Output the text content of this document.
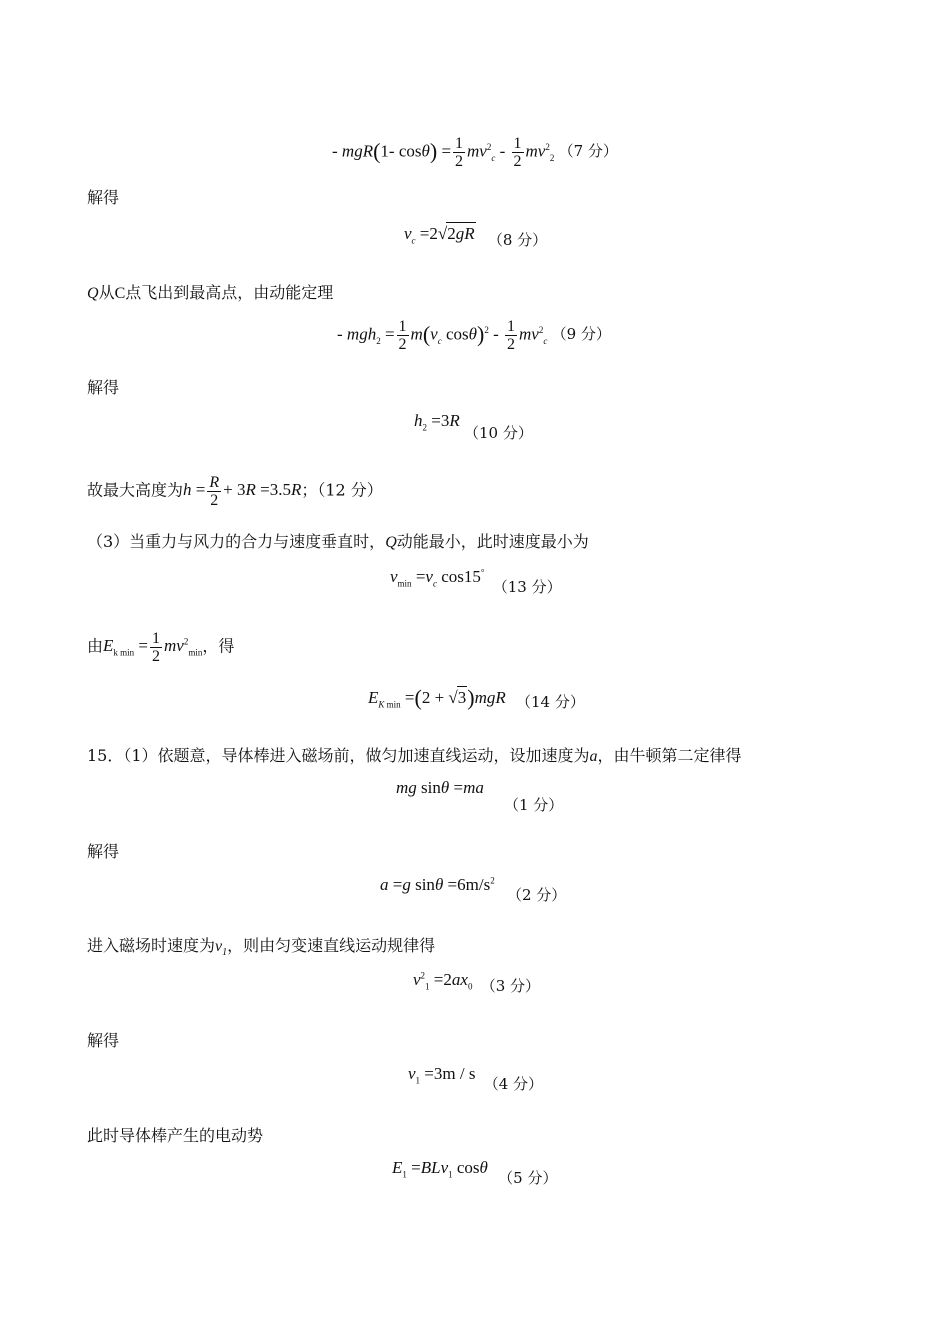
- mgR(1- $\cos\theta) = \frac{1}{2} mv^2_c - \frac{1}{2} mv^2_2$ （7 分）
解得
$v_c =2√2gR$ （8 分）
Q从C点飞出到最高点，由动能定理
- $mgh_2 = \frac{1}{2} m(v_c$ $\cos\theta)^2 - \frac{1}{2} mv^2_c$ （9 分）
解得
$h_2 =3R$ （10 分）
故最大高度为$h = \frac{R}{2} + 3R =3.5R$；（12 分）
（3）当重力与风力的合力与速度垂直时，Q动能最小，此时速度最小为
$v_{min} =v_c$ cos15° （13 分）
由$E_{k min} = \frac{1}{2} mv^2_{min}$，得
$E_{K min} =(2 + √3)mgR$ （14 分）
15．（1）依题意，导体棒进入磁场前，做匀加速直线运动，设加速度为a，由牛顿第二定律得
mg sinθ =ma
（1 分）
解得
a =g $\sin\theta =6m/s^2$ （2 分）
进入磁场时速度为$v_1$，则由匀变速直线运动规律得
$v^2_1 =2ax_0$ （3 分）
解得
$v_1 =3m / s$ （4 分）
此时导体棒产生的电动势
$E_1 =BLv_1$ cosθ （5 分）
